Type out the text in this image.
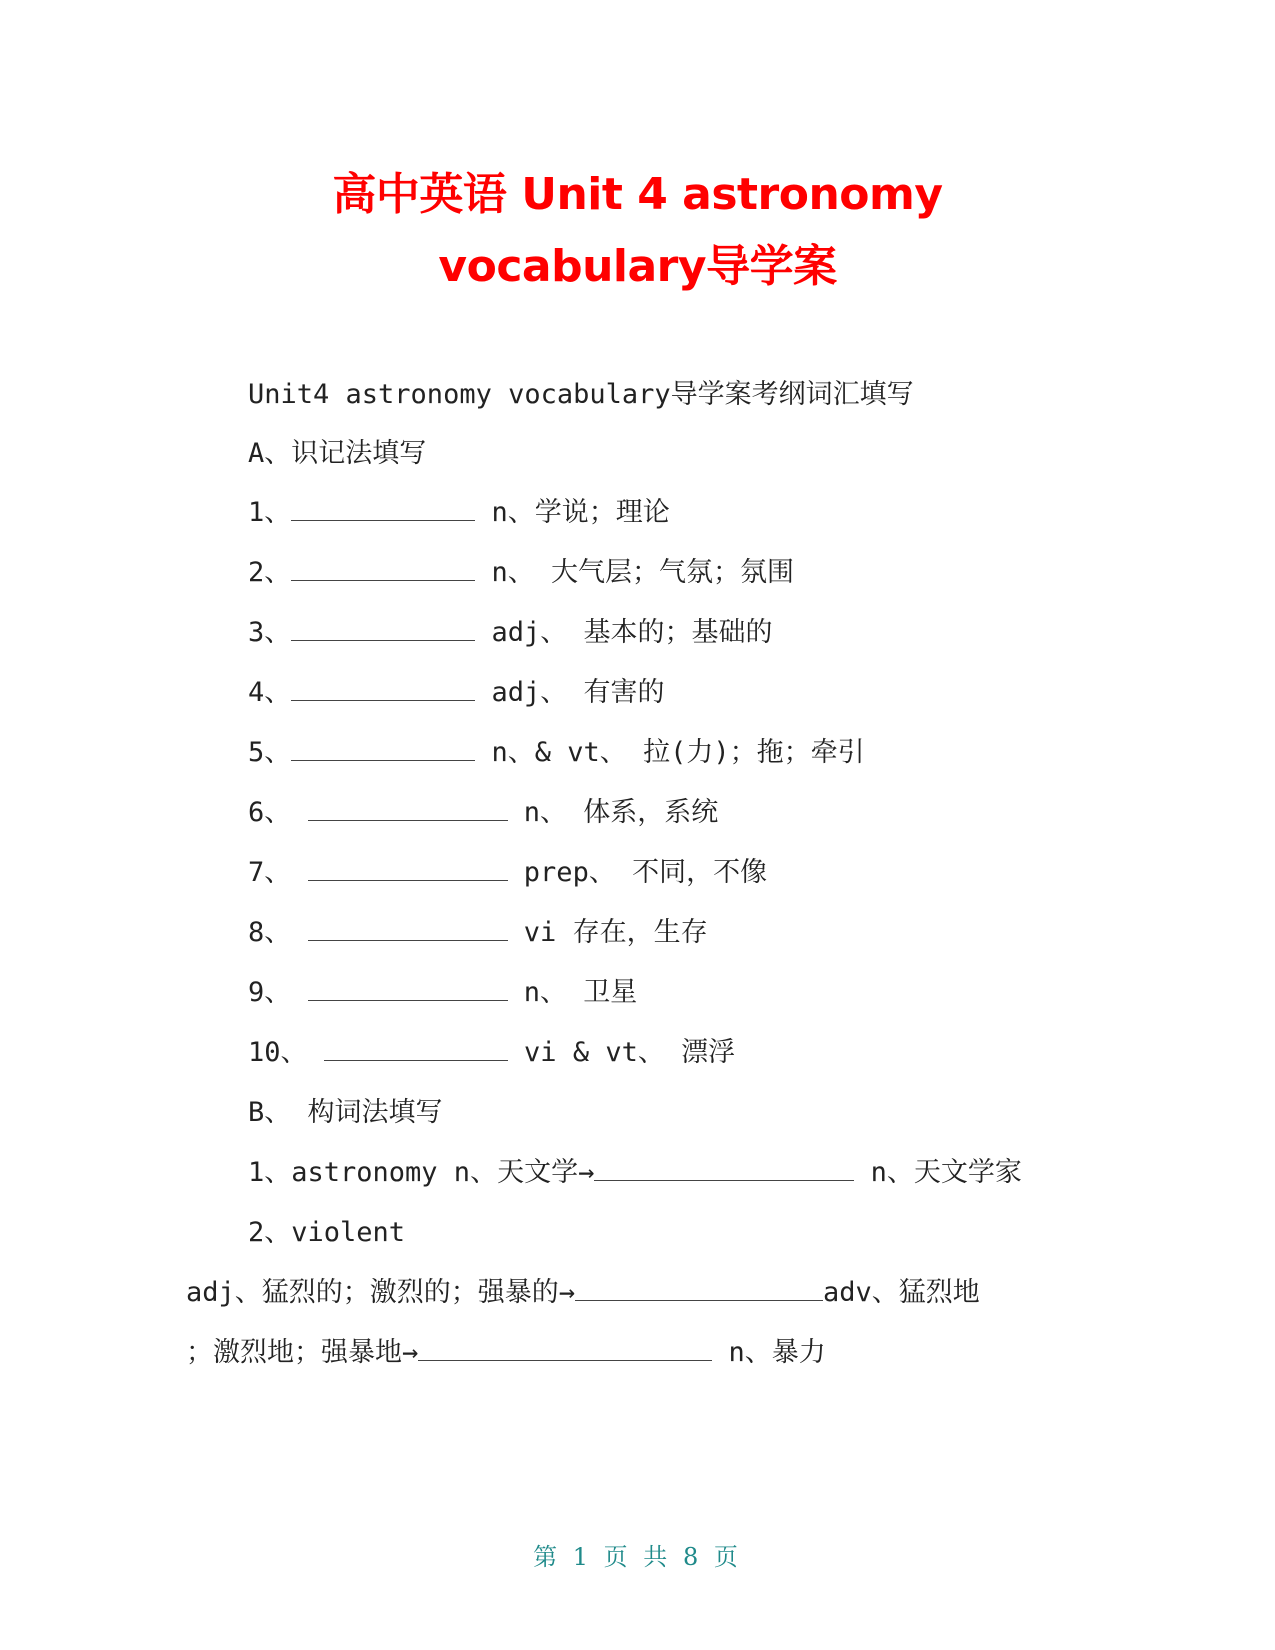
高中英语 Unit 4 astronomy
vocabulary导学案
Unit4 astronomy vocabulary导学案考纲词汇填写
A、识记法填写
1、	n、学说；理论
2、	n、 大气层；气氛；氛围
3、	adj、 基本的；基础的
4、	adj、 有害的
5、	n、& vt、 拉(力)；拖；牵引
6、	n、 体系，系统
7、	prep、 不同，不像
8、	vi 存在，生存
9、	n、 卫星
10、	vi & vt、 漂浮
B、 构词法填写
1、astronomy n、天文学→	n、天文学家
2、violent
adj、猛烈的；激烈的；强暴的→	adv、猛烈地
；激烈地；强暴地→	n、暴力
第 1 页 共 8 页
